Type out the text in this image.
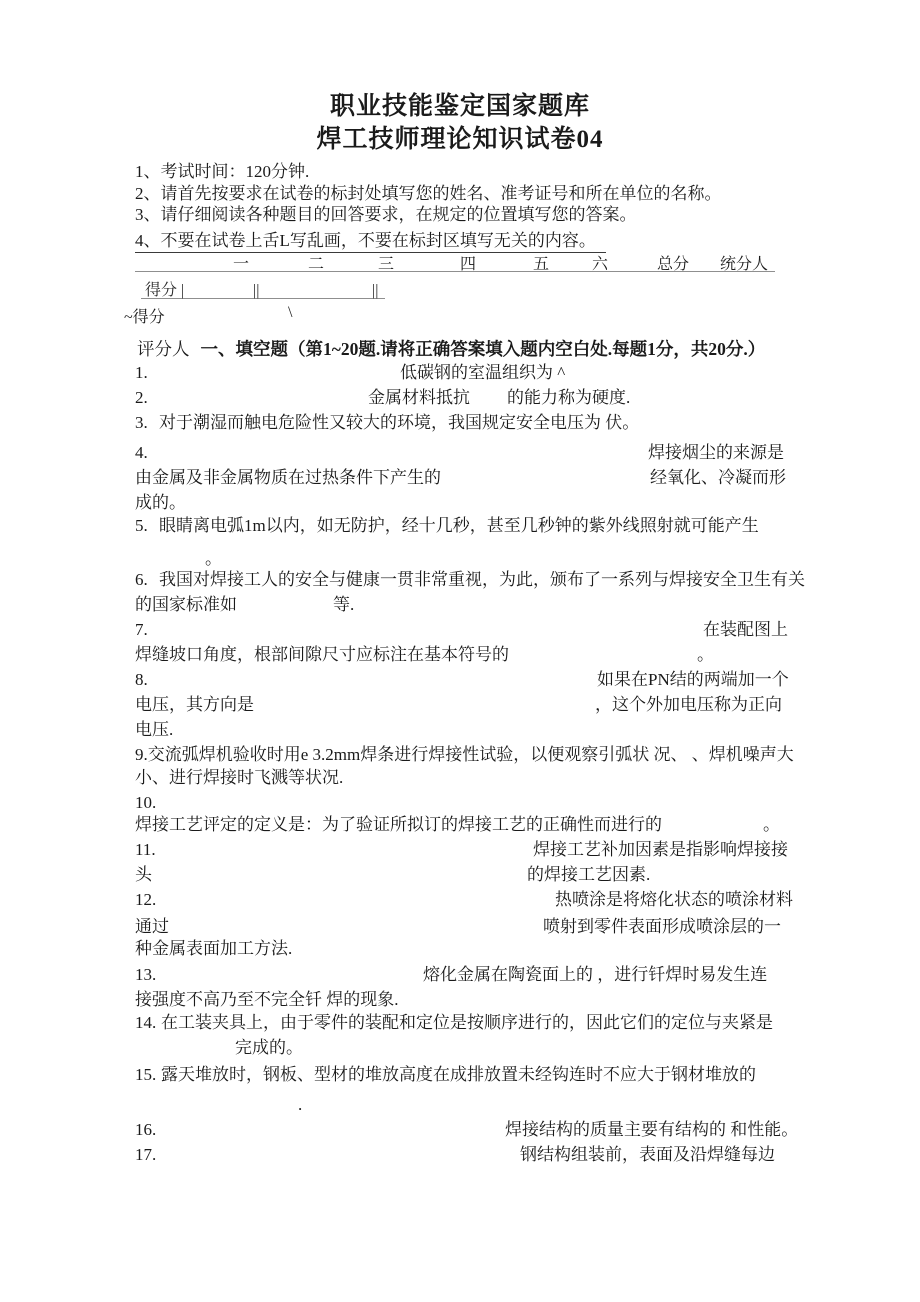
职业技能鉴定国家题库
焊工技师理论知识试卷04
1、考试时间：120分钟.
2、请首先按要求在试卷的标封处填写您的姓名、准考证号和所在单位的名称。
3、请仔细阅读各种题目的回答要求，在规定的位置填写您的答案。
4、不要在试卷上舌L写乱画，不要在标封区填写无关的内容。
一	二	三	四	五	六	总分 统分人
得分 |	||	||
~得分	\
评分人 一、填空题（第1~20题.请将正确答案填入题内空白处.每题1分，共20分.）
1.	低碳钢的室温组织为 ^
2.	金属材料抵抗 的能力称为硬度.
3. 对于潮湿而触电危险性又较大的环境，我国规定安全电压为 伏。
4.	焊接烟尘的来源是
由金属及非金属物质在过热条件下产生的	经氧化、冷凝而形
成的。
5. 眼睛离电弧1m以内，如无防护，经十几秒，甚至几秒钟的紫外线照射就可能产生
。
6. 我国对焊接工人的安全与健康一贯非常重视，为此，颁布了一系列与焊接安全卫生有关
的国家标准如	等.
7.	在装配图上
焊缝坡口角度，根部间隙尺寸应标注在基本符号的	。
8.	如果在PN结的两端加一个
电压，其方向是	，这个外加电压称为正向
电压.
9.交流弧焊机验收时用e 3.2mm焊条进行焊接性试验，以便观察引弧状 况、 、焊机噪声大
小、进行焊接时飞溅等状况.
10.
焊接工艺评定的定义是：为了验证所拟订的焊接工艺的正确性而进行的	。
11.	焊接工艺补加因素是指影响焊接接
头	的焊接工艺因素.
12.	热喷涂是将熔化状态的喷涂材料
通过	喷射到零件表面形成喷涂层的一
种金属表面加工方法.
13.	熔化金属在陶瓷面上的 ，进行钎焊时易发生连
接强度不高乃至不完全钎 焊的现象.
14. 在工装夹具上，由于零件的装配和定位是按顺序进行的，因此它们的定位与夹紧是
完成的。
15. 露天堆放时，钢板、型材的堆放高度在成排放置未经钩连时不应大于钢材堆放的
.
16.	焊接结构的质量主要有结构的 和性能。
17.	钢结构组装前，表面及沿焊缝每边
